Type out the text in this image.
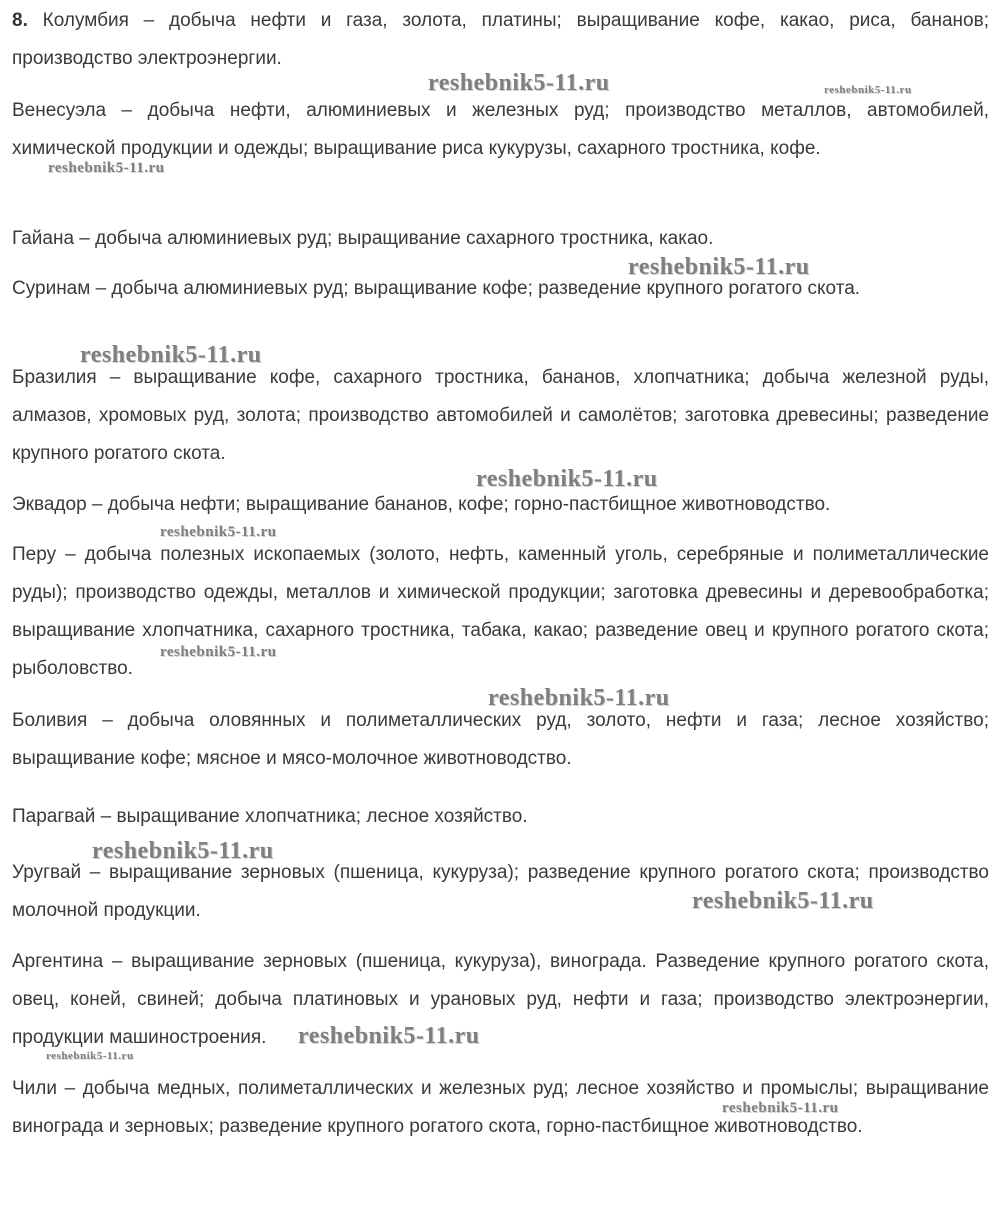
8. Колумбия – добыча нефти и газа, золота, платины; выращивание кофе, какао, риса, бананов; производство электроэнергии.

Венесуэла – добыча нефти, алюминиевых и железных руд; производство металлов, автомобилей, химической продукции и одежды; выращивание риса кукурузы, сахарного тростника, кофе.

Гайана – добыча алюминиевых руд; выращивание сахарного тростника, какао.

Суринам – добыча алюминиевых руд; выращивание кофе; разведение крупного рогатого скота.

Бразилия – выращивание кофе, сахарного тростника, бананов, хлопчатника; добыча железной руды, алмазов, хромовых руд, золота; производство автомобилей и самолётов; заготовка древесины; разведение крупного рогатого скота.

Эквадор – добыча нефти; выращивание бананов, кофе; горно-пастбищное животноводство.

Перу – добыча полезных ископаемых (золото, нефть, каменный уголь, серебряные и полиметаллические руды); производство одежды, металлов и химической продукции; заготовка древесины и деревообработка; выращивание хлопчатника, сахарного тростника, табака, какао; разведение овец и крупного рогатого скота; рыболовство.

Боливия – добыча оловянных и полиметаллических руд, золото, нефти и газа; лесное хозяйство; выращивание кофе; мясное и мясо-молочное животноводство.

Парагвай – выращивание хлопчатника; лесное хозяйство.

Уругвай – выращивание зерновых (пшеница, кукуруза); разведение крупного рогатого скота; производство молочной продукции.

Аргентина – выращивание зерновых (пшеница, кукуруза), винограда. Разведение крупного рогатого скота, овец, коней, свиней; добыча платиновых и урановых руд, нефти и газа; производство электроэнергии, продукции машиностроения.

Чили – добыча медных, полиметаллических и железных руд; лесное хозяйство и промыслы; выращивание винограда и зерновых; разведение крупного рогатого скота, горно-пастбищное животноводство.

reshebnik5-11.ru	reshebnik5-11.ru
reshebnik5-11.ru
reshebnik5-11.ru
reshebnik5-11.ru
reshebnik5-11.ru
reshebnik5-11.ru
reshebnik5-11.ru
reshebnik5-11.ru
reshebnik5-11.ru
reshebnik5-11.ru
reshebnik5-11.ru
reshebnik5-11.ru
reshebnik5-11.ru
